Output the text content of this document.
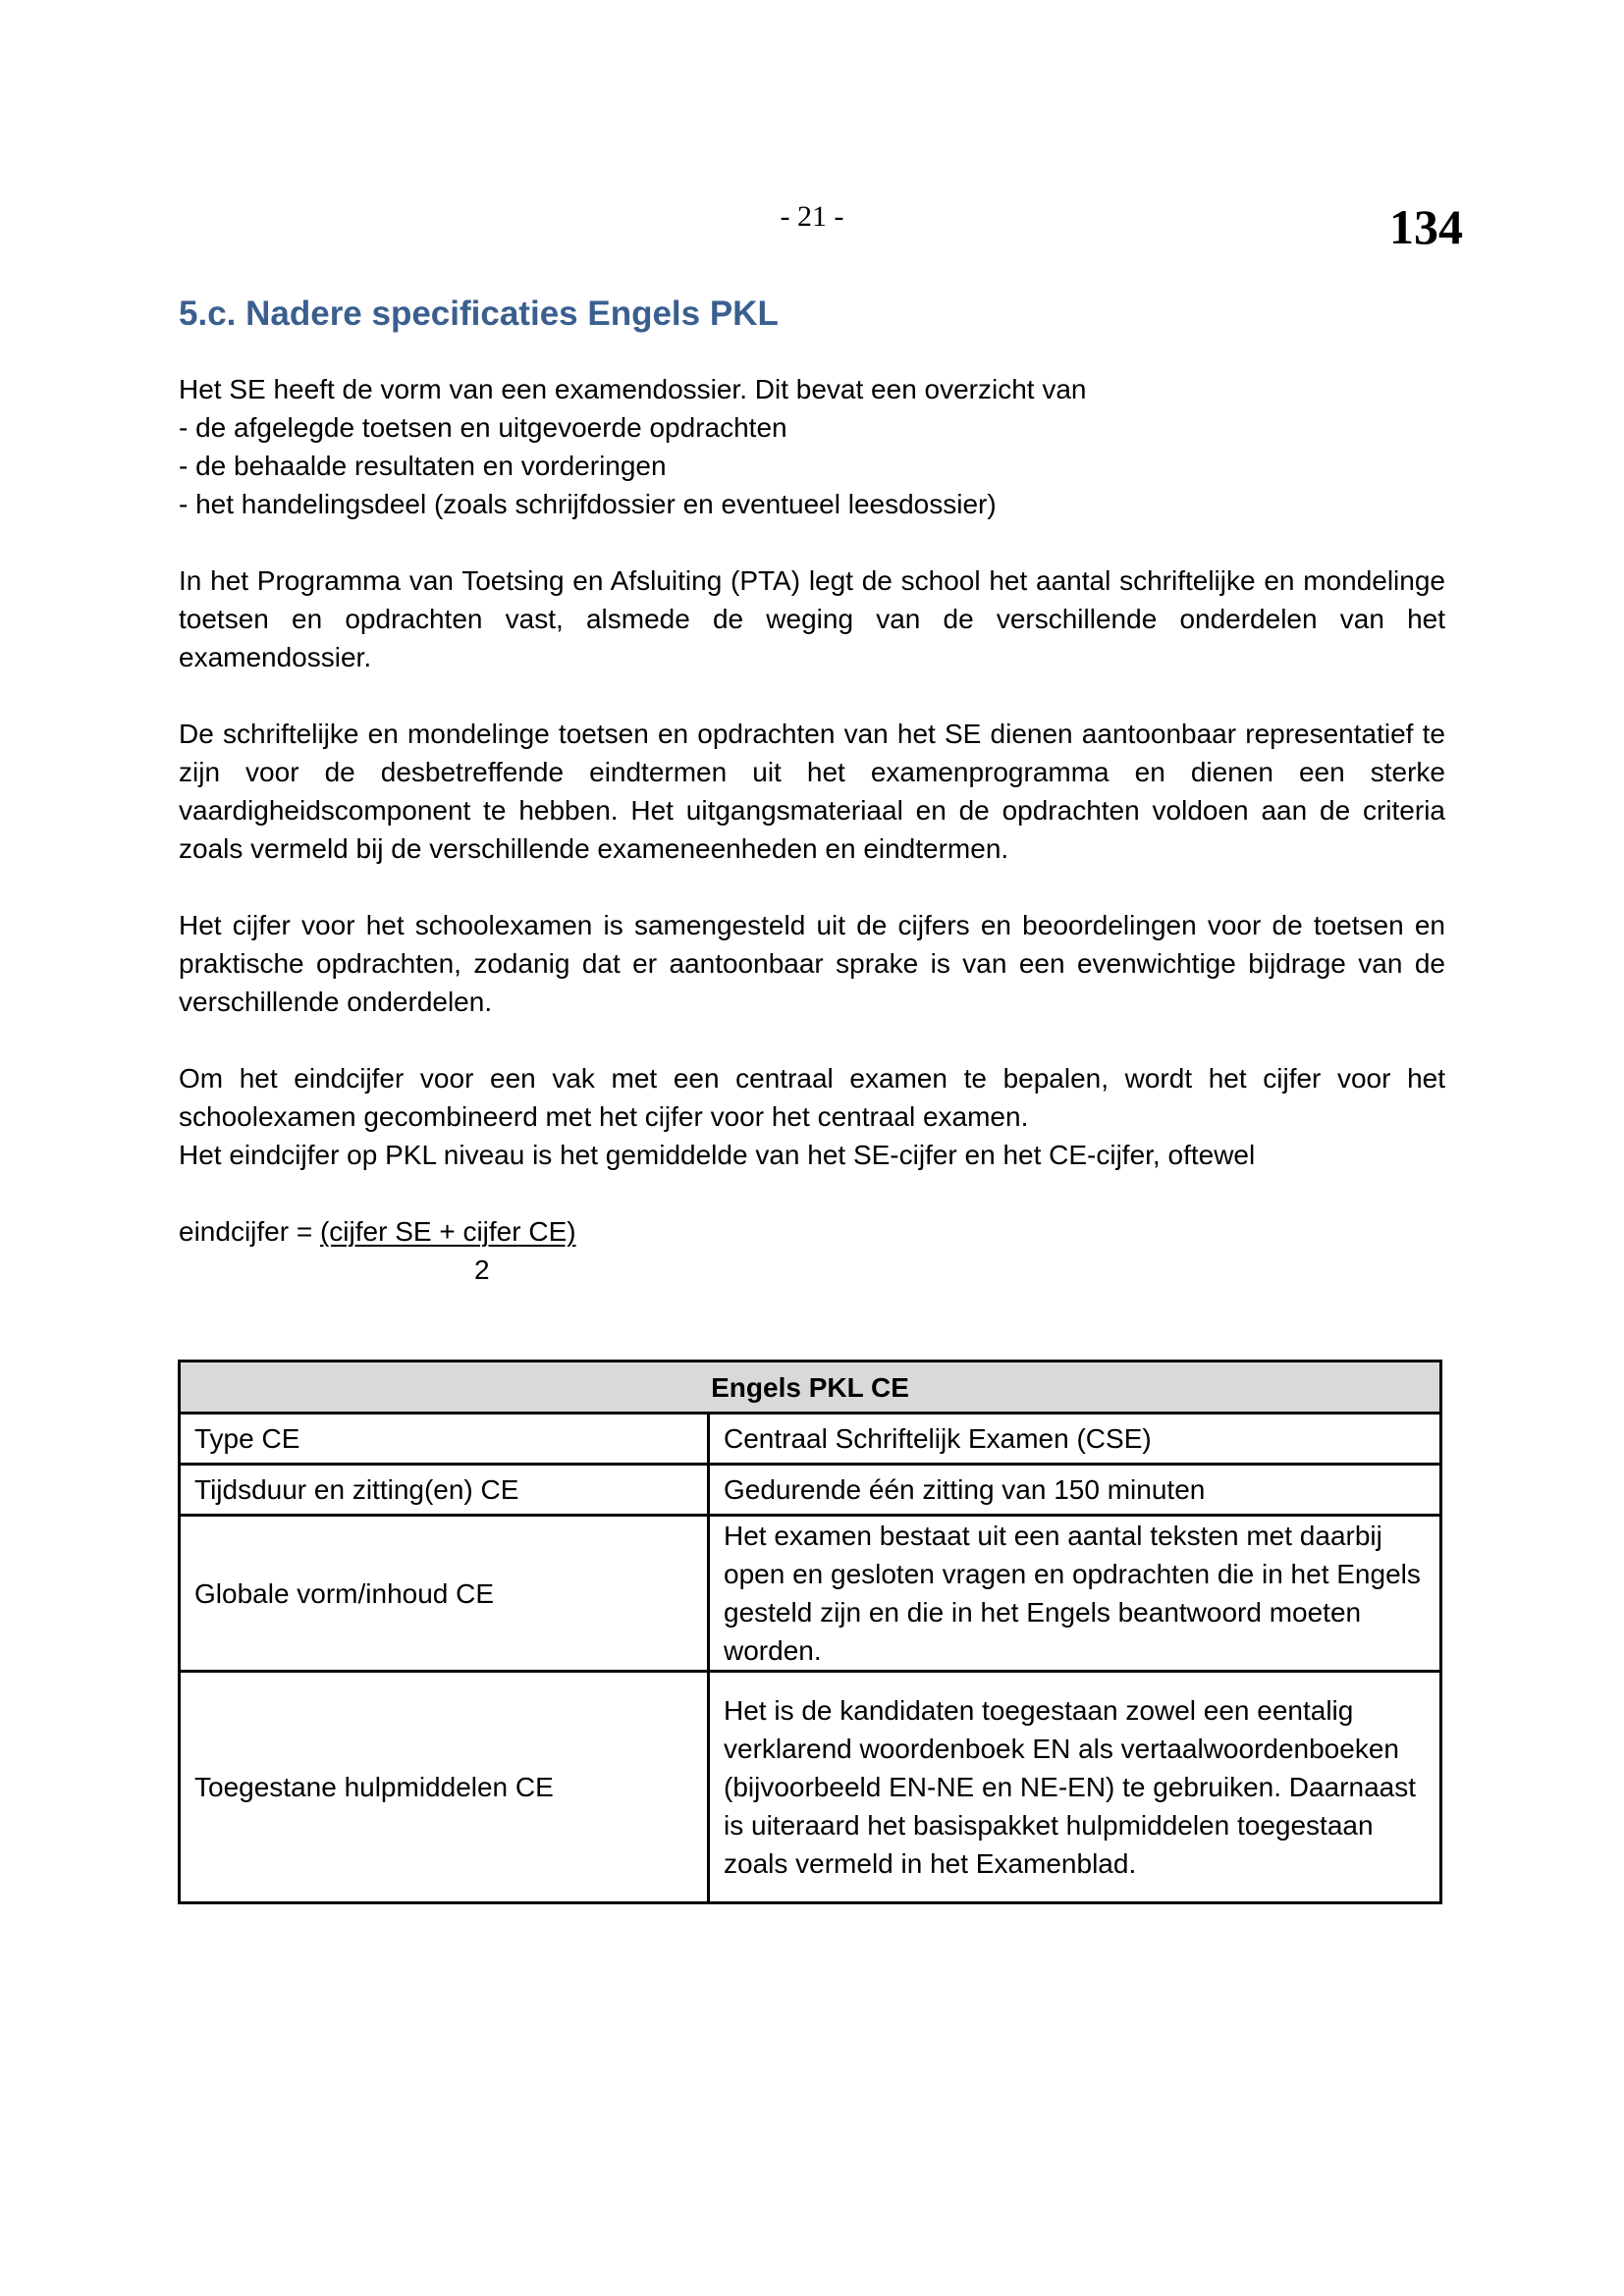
- 21 -	134
5.c. Nadere specificaties Engels PKL

Het SE heeft de vorm van een examendossier. Dit bevat een overzicht van

- de afgelegde toetsen en uitgevoerde opdrachten

- de behaalde resultaten en vorderingen

- het handelingsdeel (zoals schrijfdossier en eventueel leesdossier)

In het Programma van Toetsing en Afsluiting (PTA) legt de school het aantal schriftelijke en mondelinge toetsen en opdrachten vast, alsmede de weging van de verschillende onderdelen van het examendossier.

De schriftelijke en mondelinge toetsen en opdrachten van het SE dienen aantoonbaar representatief te zijn voor de desbetreffende eindtermen uit het examenprogramma en dienen een sterke vaardigheidscomponent te hebben. Het uitgangsmateriaal en de opdrachten voldoen aan de criteria zoals vermeld bij de verschillende exameneenheden en eindtermen.

Het cijfer voor het schoolexamen is samengesteld uit de cijfers en beoordelingen voor de toetsen en praktische opdrachten, zodanig dat er aantoonbaar sprake is van een evenwichtige bijdrage van de verschillende onderdelen.

Om het eindcijfer voor een vak met een centraal examen te bepalen, wordt het cijfer voor het schoolexamen gecombineerd met het cijfer voor het centraal examen.

Het eindcijfer op PKL niveau is het gemiddelde van het SE-cijfer en het CE-cijfer, oftewel

eindcijfer = (cijfer SE + cijfer CE)

2

Engels PKL CE	
Type CE	Centraal Schriftelijk Examen (CSE)
Tijdsduur en zitting(en) CE	Gedurende één zitting van 150 minuten
Globale vorm/inhoud CE	Het examen bestaat uit een aantal teksten met daarbij open en gesloten vragen en opdrachten die in het Engels gesteld zijn en die in het Engels beantwoord moeten worden.
Toegestane hulpmiddelen CE	Het is de kandidaten toegestaan zowel een eentalig verklarend woordenboek EN als vertaalwoordenboeken (bijvoorbeeld EN-NE en NE-EN) te gebruiken. Daarnaast is uiteraard het basispakket hulpmiddelen toegestaan zoals vermeld in het Examenblad.
